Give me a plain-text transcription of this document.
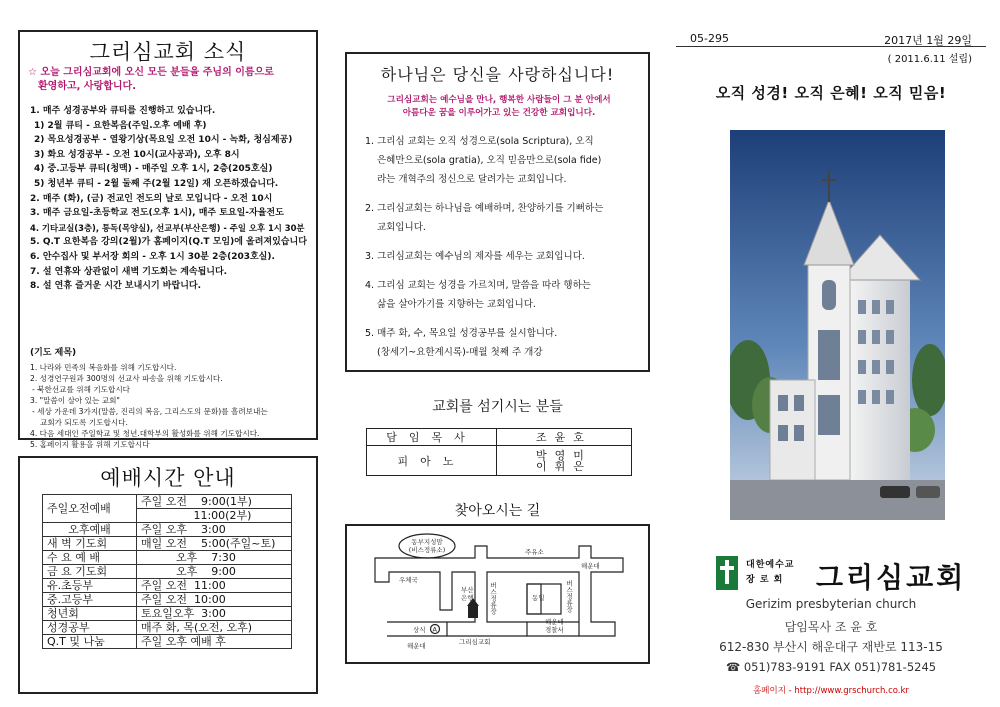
그리심교회 소식
☆ 오늘 그리심교회에 오신 모든 분들을 주님의 이름으로
환영하고, 사랑합니다.
1. 매주 성경공부와 큐티를 진행하고 있습니다.
1) 2월 큐티 - 요한복음(주일.오후 예배 후)
2) 목요성경공부 - 열왕기상(목요일 오전 10시 - 녹화, 청심제공)
3) 화요 성경공부 - 오전 10시(교사공과), 오후 8시
4) 중.고등부 큐티(청맥) - 매주일 오후 1시, 2층(205호실)
5) 청년부 큐티 - 2월 둘째 주(2월 12일) 재 오픈하겠습니다.
2. 매주 (화), (금) 전교인 전도의 날로 모입니다 - 오전 10시
3. 매주 금요일-초등학교 전도(오후 1시), 매주 토요일-자율전도
4. 기타교실(3층), 통독(목양실), 선교부(부산은행) - 주일 오후 1시 30분
5. Q.T 요한복음 강의(2월)가 홈페이지(Q.T 모임)에 올려져있습니다
6. 안수집사 및 부서장 회의 - 오후 1시 30분 2층(203호실).
7. 설 연휴와 상관없이 새벽 기도회는 계속됩니다.
8. 설 연휴 즐거운 시간 보내시기 바랍니다.
(기도 제목)
1. 나라와 민족의 복음화를 위해 기도합시다.
2. 성경연구원과 300명의 선교사 파송을 위해 기도합시다.
- 북한선교를 위해 기도합시다
3. "말씀이 살아 있는 교회"
- 세상 가운데 3가지(말씀, 진리의 복음, 그리스도의 문화)를 흘려보내는
교회가 되도록 기도합시다.
4. 다음 세대인 주일학교 및 청년.대학부의 활성화를 위해 기도합시다.
5. 홈페이지 활용을 위해 기도합시다
예배시간 안내
주일오전예배	주일 오전    9:00(1부)
	11:00(2부)
오후예배	주일 오후    3:00
새 벽 기도회	매일 오전    5:00(주일~토)
수 요 예 배	오후    7:30
금 요 기도회	오후    9:00
유.초등부	주일 오전  11:00
중.고등부	주일 오전  10:00
청년회	토요일오후  3:00
성경공부	매주 화, 목(오전, 오후)
Q.T 및 나눔	주일 오후 예배 후
하나님은 당신을 사랑하십니다!
그리심교회는 예수님을 만나, 행복한 사람들이 그 분 안에서
아름다운 꿈을 이루어가고 있는 건강한 교회입니다.
1. 그리심 교회는 오직 성경으로(sola Scriptura), 오직
은혜만으로(sola gratia), 오직 믿음만으로(sola fide)
라는 개혁주의 정신으로 달려가는 교회입니다.
2. 그리심교회는 하나님을 예배하며, 찬양하기를 기뻐하는
교회입니다.
3. 그리심교회는 예수님의 제자를 세우는 교회입니다.
4. 그리심 교회는 성경을 가르치며, 말씀을 따라 행하는
삶을 살아가기를 지향하는 교회입니다.
5. 매주 화, 수, 목요일 성경공부를 실시합니다.
(창세기~요한계시록)-매월 첫째 주 개강
교회를 섬기시는 분들
담임목사	조윤호
피아노	박영미
이휘은
찾아오시는 길
동부지성맘
(비스정류소)
우체국
부산
은행
그리심교회
주유소
해운대
해운대
상식 A
동일
해운대
경찰서
버스정류장	버스정류장
05-295	2017년 1월 29일
( 2011.6.11 설립)
오직 성경! 오직 은혜! 오직 믿음!
대한예수교
장 로 회	그리심교회
Gerizim presbyterian church
담임목사 조 윤 호
612-830 부산시 해운대구 재반로 113-15
☎ 051)783-9191 FAX 051)781-5245
홈페이지 - http://www.grschurch.co.kr
